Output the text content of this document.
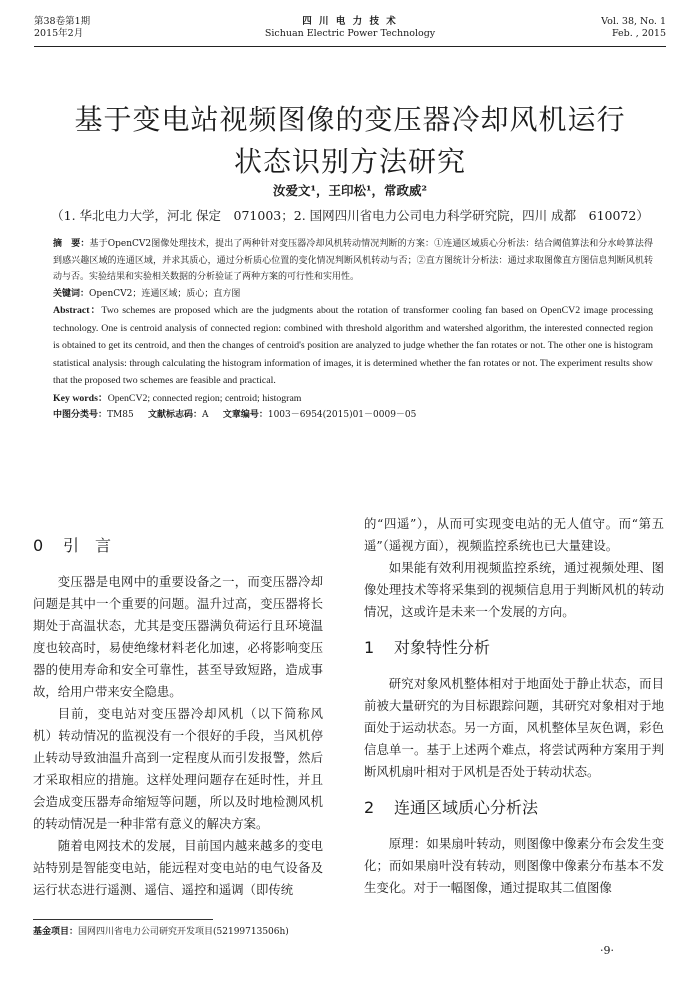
第38卷第1期
2015年2月
四 川 电 力 技 术
Sichuan Electric Power Technology
Vol. 38, No. 1
Feb. , 2015
基于变电站视频图像的变压器冷却风机运行
状态识别方法研究
汝爱文¹，王印松¹，常政威²
（1. 华北电力大学，河北 保定　071003；2. 国网四川省电力公司电力科学研究院，四川 成都　610072）

摘　要：基于OpenCV2图像处理技术，提出了两种针对变压器冷却风机转动情况判断的方案：①连通区域质心分析法：结合阈值算法和分水岭算法得到感兴趣区域的连通区域，并求其质心，通过分析质心位置的变化情况判断风机转动与否；②直方图统计分析法：通过求取图像直方图信息判断风机转动与否。实验结果和实验相关数据的分析验证了两种方案的可行性和实用性。

关键词：OpenCV2；连通区域；质心；直方图

Abstract：Two schemes are proposed which are the judgments about the rotation of transformer cooling fan based on OpenCV2 image processing technology. One is centroid analysis of connected region: combined with threshold algorithm and watershed algorithm, the interested connected region is obtained to get its centroid, and then the changes of centroid's position are analyzed to judge whether the fan rotates or not. The other one is histogram statistical analysis: through calculating the histogram information of images, it is determined whether the fan rotates or not. The experiment results show that the proposed two schemes are feasible and practical.

Key words：OpenCV2; connected region; centroid; histogram

中图分类号：TM85 文献标志码：A 文章编号：1003－6954(2015)01－0009－05

0 引　言

变压器是电网中的重要设备之一，而变压器冷却问题是其中一个重要的问题。温升过高，变压器将长期处于高温状态，尤其是变压器满负荷运行且环境温度也较高时，易使绝缘材料老化加速，必将影响变压器的使用寿命和安全可靠性，甚至导致短路，造成事故，给用户带来安全隐患。

目前，变电站对变压器冷却风机（以下简称风机）转动情况的监视没有一个很好的手段，当风机停止转动导致油温升高到一定程度从而引发报警，然后才采取相应的措施。这样处理问题存在延时性，并且会造成变压器寿命缩短等问题，所以及时地检测风机的转动情况是一种非常有意义的解决方案。

随着电网技术的发展，目前国内越来越多的变电站特别是智能变电站，能远程对变电站的电气设备及运行状态进行遥测、遥信、遥控和遥调（即传统

的“四遥”），从而可实现变电站的无人值守。而“第五遥”（遥视方面），视频监控系统也已大量建设。

如果能有效利用视频监控系统，通过视频处理、图像处理技术等将采集到的视频信息用于判断风机的转动情况，这或许是未来一个发展的方向。

1 对象特性分析

研究对象风机整体相对于地面处于静止状态，而目前被大量研究的为目标跟踪问题，其研究对象相对于地面处于运动状态。另一方面，风机整体呈灰色调，彩色信息单一。基于上述两个难点，将尝试两种方案用于判断风机扇叶相对于风机是否处于转动状态。

2 连通区域质心分析法

原理：如果扇叶转动，则图像中像素分布会发生变化；而如果扇叶没有转动，则图像中像素分布基本不发生变化。对于一幅图像，通过提取其二值图像

基金项目：国网四川省电力公司研究开发项目(52199713506h)
·9·
